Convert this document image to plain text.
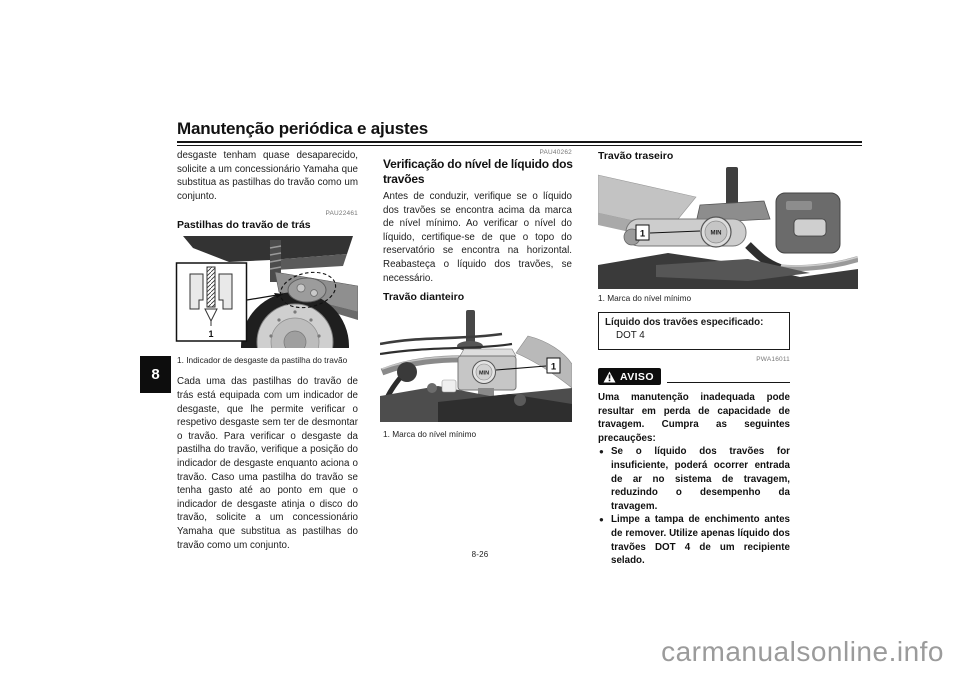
Manutenção periódica e ajustes
8
desgaste tenham quase desaparecido, solicite a um concessionário Yamaha que substitua as pastilhas do travão como um conjunto.
PAU22461
Pastilhas do travão de trás
1
1. Indicador de desgaste da pastilha do travão
Cada uma das pastilhas do travão de trás está equipada com um indicador de desgaste, que lhe permite verificar o respetivo desgaste sem ter de desmontar o travão. Para verificar o desgaste da pastilha do travão, verifique a posição do indicador de desgaste enquanto aciona o travão. Caso uma pastilha do travão se tenha gasto até ao ponto em que o indicador de desgaste atinja o disco do travão, solicite a um concessionário Yamaha que substitua as pastilhas do travão como um conjunto.
PAU40262
Verificação do nível de líquido dos travões
Antes de conduzir, verifique se o líquido dos travões se encontra acima da marca de nível mínimo. Ao verificar o nível do líquido, certifique-se de que o topo do reservatório se encontra na horizontal. Reabasteça o líquido dos travões, se necessário.
Travão dianteiro
MIN
1
1. Marca do nível mínimo
Travão traseiro
MIN
1
1. Marca do nível mínimo
Líquido dos travões especificado:
DOT 4
PWA16011
AVISO
Uma manutenção inadequada pode resultar em perda de capacidade de travagem. Cumpra as seguintes precauções:
● Se o líquido dos travões for insuficiente, poderá ocorrer entrada de ar no sistema de travagem, reduzindo o desempenho da travagem.
● Limpe a tampa de enchimento antes de remover. Utilize apenas líquido dos travões DOT 4 de um recipiente selado.
8-26
carmanualsonline.info
